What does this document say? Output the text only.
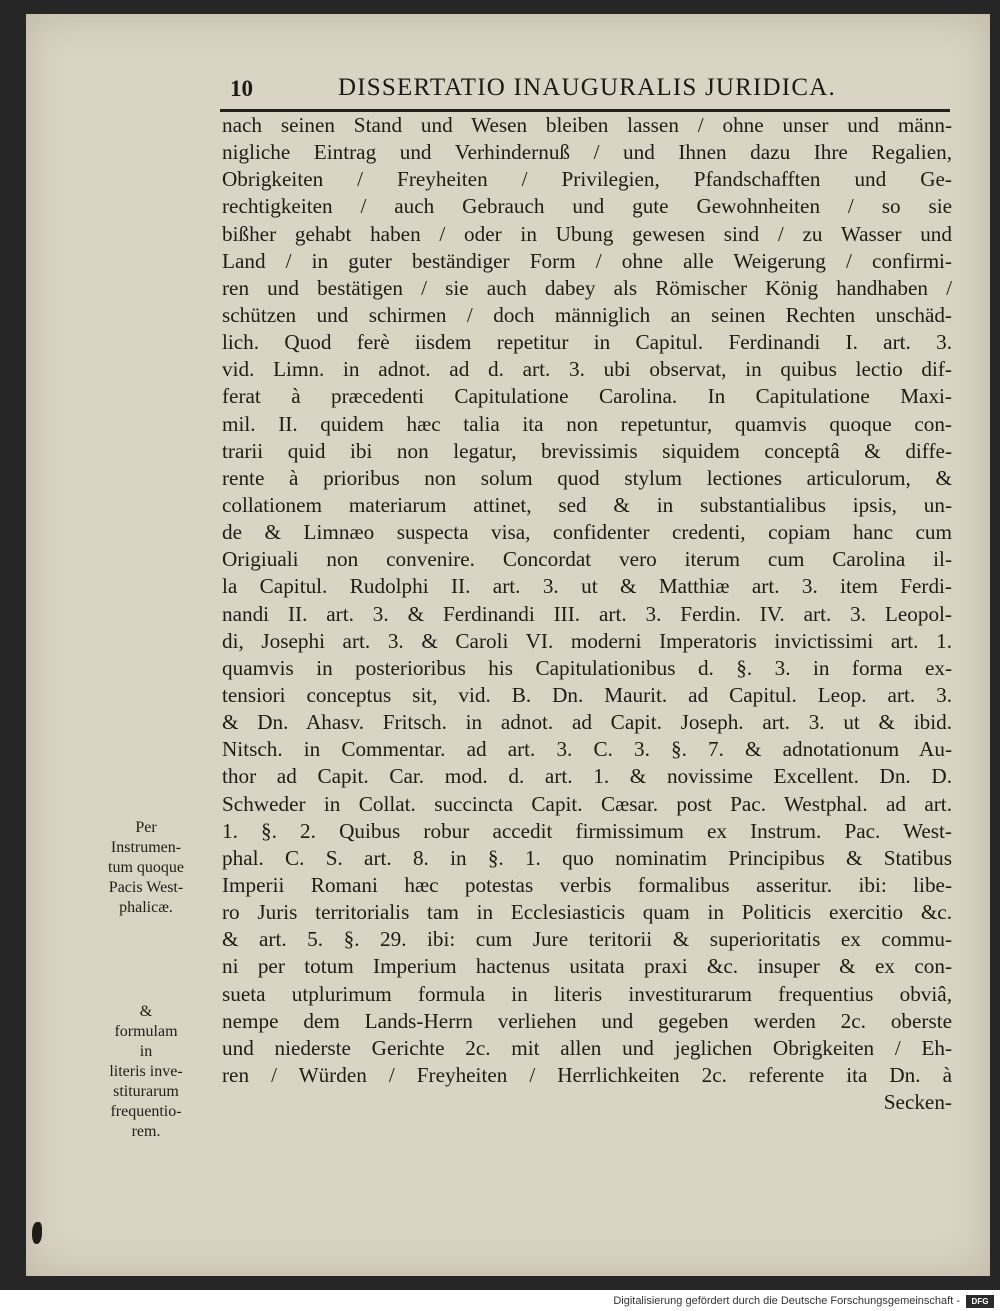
10	DISSERTATIO INAUGURALIS JURIDICA.
nach seinen Stand und Wesen bleiben lassen / ohne unser und männ-
nigliche Eintrag und Verhindernuß / und Ihnen dazu Ihre Regalien,
Obrigkeiten / Freyheiten / Privilegien, Pfandschafften und Ge-
rechtigkeiten / auch Gebrauch und gute Gewohnheiten / so sie
bißher gehabt haben / oder in Ubung gewesen sind / zu Wasser und
Land / in guter beständiger Form / ohne alle Weigerung / confirmi-
ren und bestätigen / sie auch dabey als Römischer König handhaben /
schützen und schirmen / doch männiglich an seinen Rechten unschäd-
lich. Quod ferè iisdem repetitur in Capitul. Ferdinandi I. art. 3.
vid. Limn. in adnot. ad d. art. 3. ubi observat, in quibus lectio dif-
ferat à præcedenti Capitulatione Carolina. In Capitulatione Maxi-
mil. II. quidem hæc talia ita non repetuntur, quamvis quoque con-
trarii quid ibi non legatur, brevissimis siquidem conceptâ & diffe-
rente à prioribus non solum quod stylum lectiones articulorum, &
collationem materiarum attinet, sed & in substantialibus ipsis, un-
de & Limnæo suspecta visa, confidenter credenti, copiam hanc cum
Origiuali non convenire. Concordat vero iterum cum Carolina il-
la Capitul. Rudolphi II. art. 3. ut & Matthiæ art. 3. item Ferdi-
nandi II. art. 3. & Ferdinandi III. art. 3. Ferdin. IV. art. 3. Leopol-
di, Josephi art. 3. & Caroli VI. moderni Imperatoris invictissimi art. 1.
quamvis in posterioribus his Capitulationibus d. §. 3. in forma ex-
tensiori conceptus sit, vid. B. Dn. Maurit. ad Capitul. Leop. art. 3.
& Dn. Ahasv. Fritsch. in adnot. ad Capit. Joseph. art. 3. ut & ibid.
Nitsch. in Commentar. ad art. 3. C. 3. §. 7. & adnotationum Au-
thor ad Capit. Car. mod. d. art. 1. & novissime Excellent. Dn. D.
Schweder in Collat. succincta Capit. Cæsar. post Pac. Westphal. ad art.
1. §. 2. Quibus robur accedit firmissimum ex Instrum. Pac. West-
phal. C. S. art. 8. in §. 1. quo nominatim Principibus & Statibus
Imperii Romani hæc potestas verbis formalibus asseritur. ibi: libe-
ro Juris territorialis tam in Ecclesiasticis quam in Politicis exercitio &c.
& art. 5. §. 29. ibi: cum Jure teritorii & superioritatis ex commu-
ni per totum Imperium hactenus usitata praxi &c. insuper & ex con-
sueta utplurimum formula in literis investiturarum frequentius obviâ,
nempe dem Lands-Herrn verliehen und gegeben werden 2c. oberste
und niederste Gerichte 2c. mit allen und jeglichen Obrigkeiten / Eh-
ren / Würden / Freyheiten / Herrlichkeiten 2c. referente ita Dn. à
Secken-
Per
Instrumen-
tum quoque
Pacis West-
phalicæ.
&
formulam
in
literis inve-
stiturarum
frequentio-
rem.
Digitalisierung gefördert durch die Deutsche Forschungsgemeinschaft -	DFG
